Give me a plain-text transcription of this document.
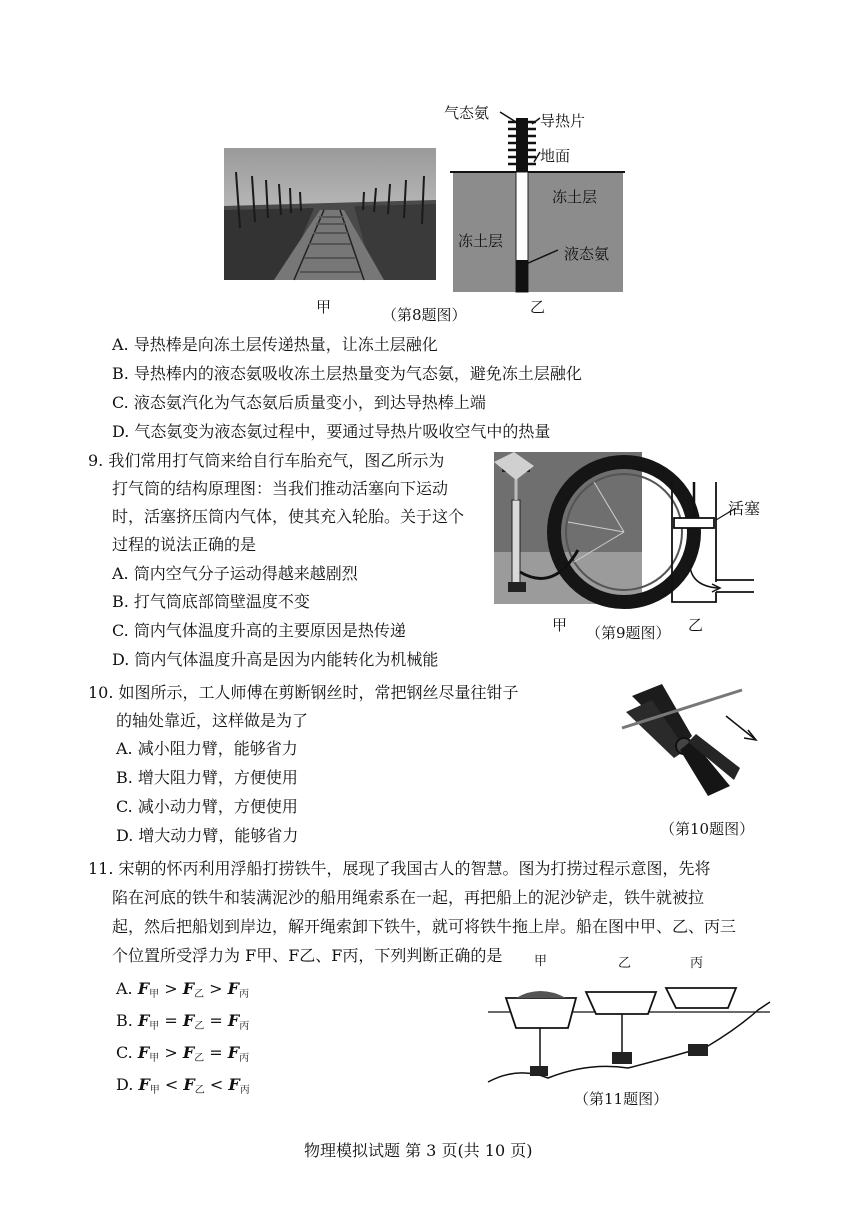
气态氨	导热片
地面
冻土层
冻土层
液态氨
甲	（第8题图）	乙
A. 导热棒是向冻土层传递热量，让冻土层融化
B. 导热棒内的液态氨吸收冻土层热量变为气态氨，避免冻土层融化
C. 液态氨汽化为气态氨后质量变小，到达导热棒上端
D. 气态氨变为液态氨过程中，要通过导热片吸收空气中的热量
9. 我们常用打气筒来给自行车胎充气，图乙所示为
打气筒的结构原理图：当我们推动活塞向下运动
时，活塞挤压筒内气体，使其充入轮胎。关于这个
过程的说法正确的是
A. 筒内空气分子运动得越来越剧烈
B. 打气筒底部筒壁温度不变
C. 筒内气体温度升高的主要原因是热传递
D. 筒内气体温度升高是因为内能转化为机械能
甲 （第9题图） 乙
活塞
10. 如图所示，工人师傅在剪断钢丝时，常把钢丝尽量往钳子
的轴处靠近，这样做是为了
A. 减小阻力臂，能够省力
B. 增大阻力臂，方便使用
C. 减小动力臂，方便使用
D. 增大动力臂，能够省力	（第10题图）
11. 宋朝的怀丙利用浮船打捞铁牛，展现了我国古人的智慧。图为打捞过程示意图，先将
陷在河底的铁牛和装满泥沙的船用绳索系在一起，再把船上的泥沙铲走，铁牛就被拉
起，然后把船划到岸边，解开绳索卸下铁牛，就可将铁牛拖上岸。船在图中甲、乙、丙三
个位置所受浮力为 F甲、F乙、F丙，下列判断正确的是
A. $F_甲 > F_乙 > F_丙$
B. $F_甲 = F_乙 = F_丙$
C. $F_甲 > F_乙 = F_丙$
D. $F_甲 < F_乙 < F_丙$
甲	乙	丙
（第11题图）
物理模拟试题 第 3 页(共 10 页)
